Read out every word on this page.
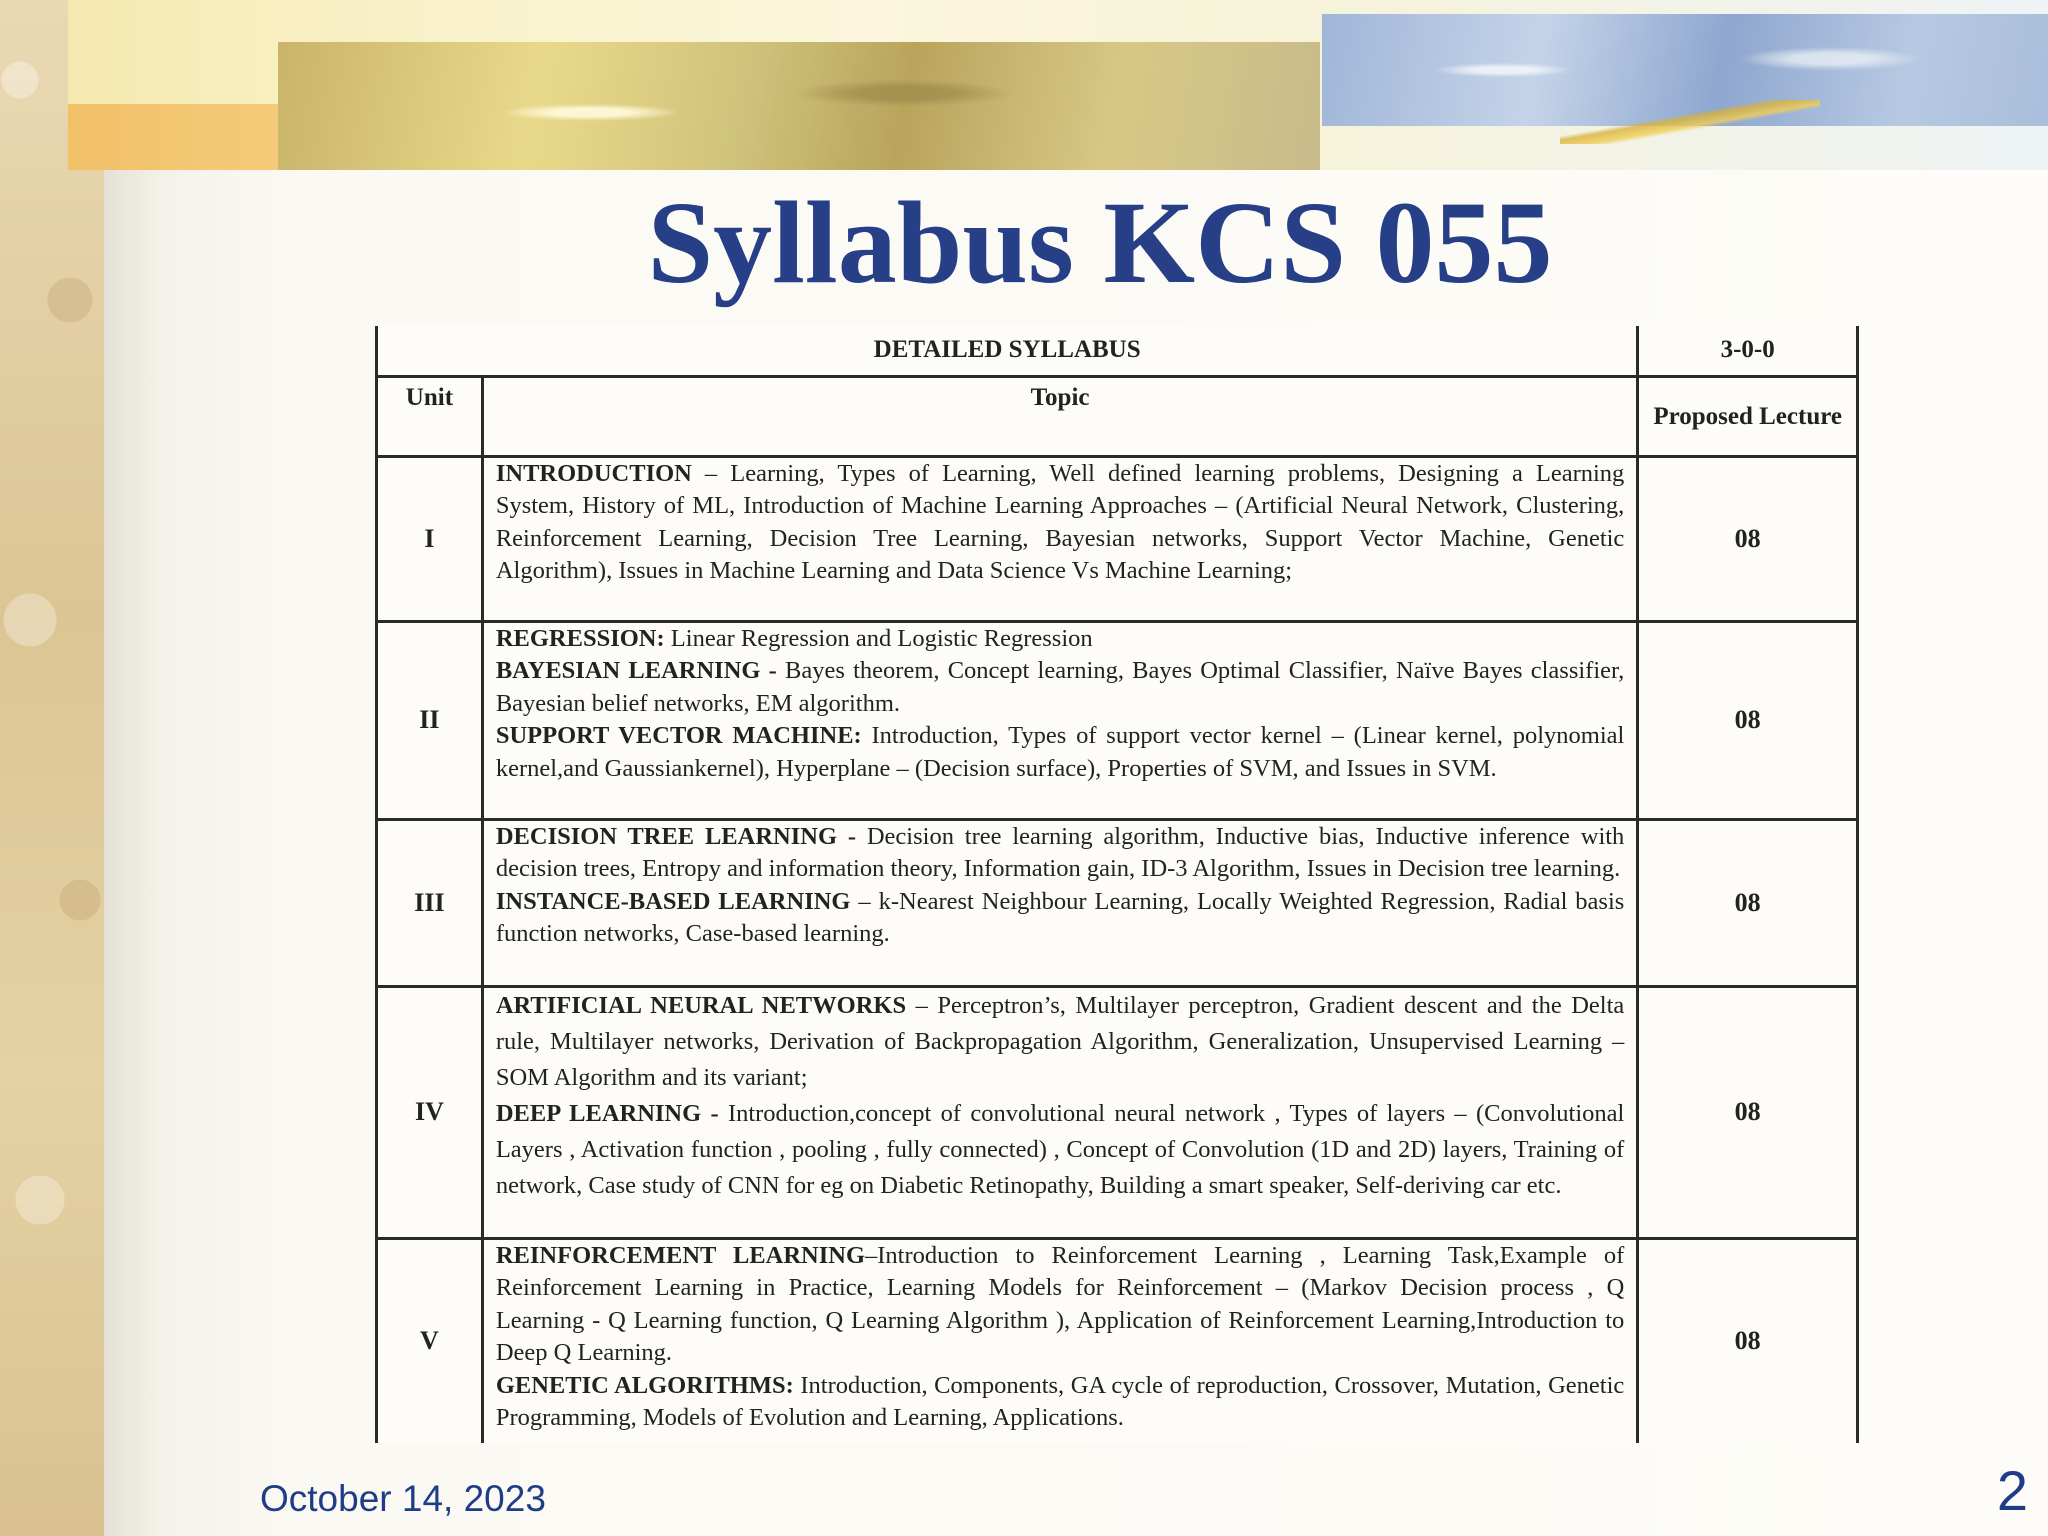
Syllabus KCS 055
DETAILED SYLLABUS		3-0-0
Unit	Topic	Proposed Lecture
I	INTRODUCTION – Learning, Types of Learning, Well defined learning problems, Designing a Learning System, History of ML, Introduction of Machine Learning Approaches – (Artificial Neural Network, Clustering, Reinforcement Learning, Decision Tree Learning, Bayesian networks, Support Vector Machine, Genetic Algorithm), Issues in Machine Learning and Data Science Vs Machine Learning;	08
II	REGRESSION: Linear Regression and Logistic Regression

BAYESIAN LEARNING - Bayes theorem, Concept learning, Bayes Optimal Classifier, Naïve Bayes classifier, Bayesian belief networks, EM algorithm.

SUPPORT VECTOR MACHINE: Introduction, Types of support vector kernel – (Linear kernel, polynomial kernel,and Gaussiankernel), Hyperplane – (Decision surface), Properties of SVM, and Issues in SVM.	08
III	DECISION TREE LEARNING - Decision tree learning algorithm, Inductive bias, Inductive inference with decision trees, Entropy and information theory, Information gain, ID-3 Algorithm, Issues in Decision tree learning.

INSTANCE-BASED LEARNING – k-Nearest Neighbour Learning, Locally Weighted Regression, Radial basis function networks, Case-based learning.	08
IV	ARTIFICIAL NEURAL NETWORKS – Perceptron’s, Multilayer perceptron, Gradient descent and the Delta rule, Multilayer networks, Derivation of Backpropagation Algorithm, Generalization, Unsupervised Learning – SOM Algorithm and its variant;

DEEP LEARNING - Introduction,concept of convolutional neural network , Types of layers – (Convolutional Layers , Activation function , pooling , fully connected) , Concept of Convolution (1D and 2D) layers, Training of network, Case study of CNN for eg on Diabetic Retinopathy, Building a smart speaker, Self-deriving car etc.	08
V	REINFORCEMENT LEARNING–Introduction to Reinforcement Learning , Learning Task,Example of Reinforcement Learning in Practice, Learning Models for Reinforcement – (Markov Decision process , Q Learning - Q Learning function, Q Learning Algorithm ), Application of Reinforcement Learning,Introduction to Deep Q Learning.

GENETIC ALGORITHMS: Introduction, Components, GA cycle of reproduction, Crossover, Mutation, Genetic Programming, Models of Evolution and Learning, Applications.	08
October 14, 2023	2
